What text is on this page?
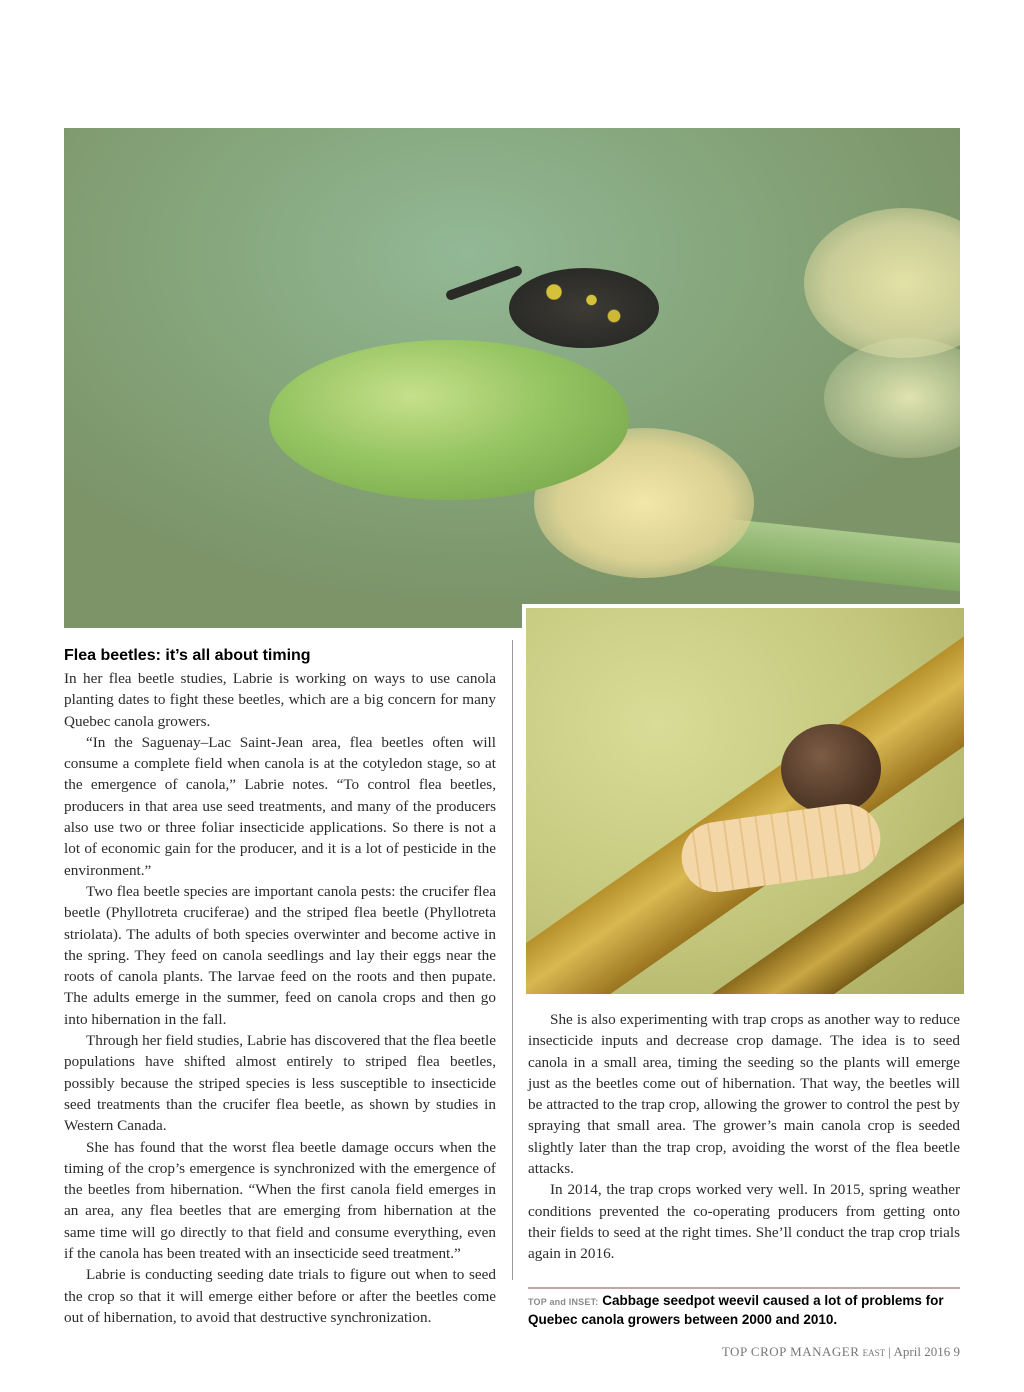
Flea beetles: it’s all about timing

In her flea beetle studies, Labrie is working on ways to use canola planting dates to fight these beetles, which are a big concern for many Quebec canola growers.

“In the Saguenay–Lac Saint-Jean area, flea beetles often will consume a complete field when canola is at the cotyledon stage, so at the emergence of canola,” Labrie notes. “To control flea beetles, producers in that area use seed treatments, and many of the producers also use two or three foliar insecticide applications. So there is not a lot of economic gain for the producer, and it is a lot of pesticide in the environment.”

Two flea beetle species are important canola pests: the crucifer flea beetle (Phyllotreta cruciferae) and the striped flea beetle (Phyllotreta striolata). The adults of both species overwinter and become active in the spring. They feed on canola seedlings and lay their eggs near the roots of canola plants. The larvae feed on the roots and then pupate. The adults emerge in the summer, feed on canola crops and then go into hibernation in the fall.

Through her field studies, Labrie has discovered that the flea beetle populations have shifted almost entirely to striped flea beetles, possibly because the striped species is less susceptible to insecticide seed treatments than the crucifer flea beetle, as shown by studies in Western Canada.

She has found that the worst flea beetle damage occurs when the timing of the crop’s emergence is synchronized with the emergence of the beetles from hibernation. “When the first canola field emerges in an area, any flea beetles that are emerging from hibernation at the same time will go directly to that field and consume everything, even if the canola has been treated with an insecticide seed treatment.”

Labrie is conducting seeding date trials to figure out when to seed the crop so that it will emerge either before or after the beetles come out of hibernation, to avoid that destructive synchronization.

She is also experimenting with trap crops as another way to reduce insecticide inputs and decrease crop damage. The idea is to seed canola in a small area, timing the seeding so the plants will emerge just as the beetles come out of hibernation. That way, the beetles will be attracted to the trap crop, allowing the grower to control the pest by spraying that small area. The grower’s main canola crop is seeded slightly later than the trap crop, avoiding the worst of the flea beetle attacks.

In 2014, the trap crops worked very well. In 2015, spring weather conditions prevented the co-operating producers from getting onto their fields to seed at the right times. She’ll conduct the trap crop trials again in 2016.

TOP and INSET: Cabbage seedpot weevil caused a lot of problems for Quebec canola growers between 2000 and 2010.
TOP CROP MANAGER EAST | April 2016 9
